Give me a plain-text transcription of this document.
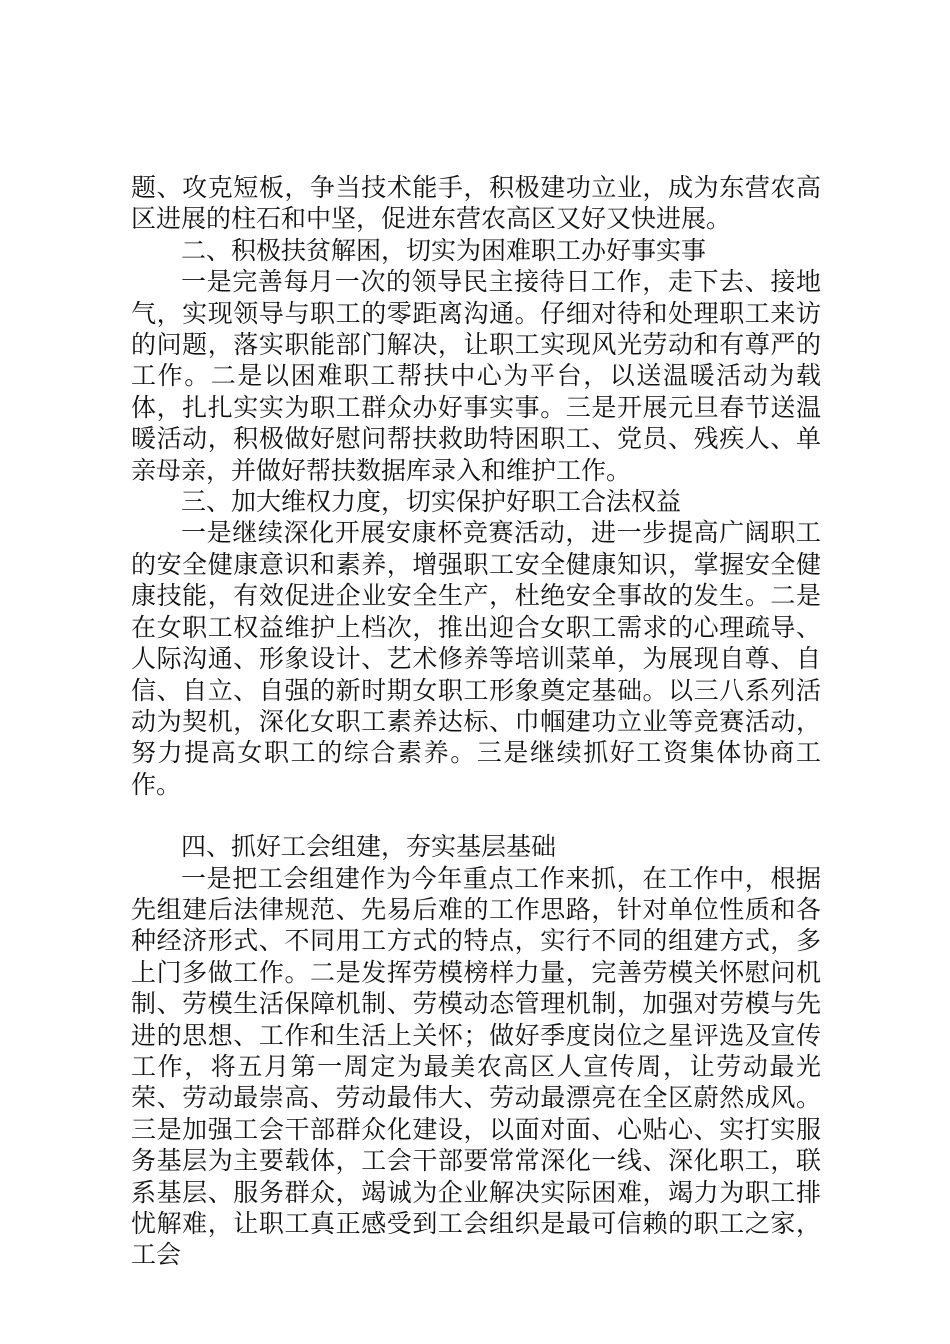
题、攻克短板，争当技术能手，积极建功立业，成为东营农高区进展的柱石和中坚，促进东营农高区又好又快进展。

二、积极扶贫解困，切实为困难职工办好事实事

一是完善每月一次的领导民主接待日工作，走下去、接地气，实现领导与职工的零距离沟通。仔细对待和处理职工来访的问题，落实职能部门解决，让职工实现风光劳动和有尊严的工作。二是以困难职工帮扶中心为平台，以送温暖活动为载体，扎扎实实为职工群众办好事实事。三是开展元旦春节送温暖活动，积极做好慰问帮扶救助特困职工、党员、残疾人、单亲母亲，并做好帮扶数据库录入和维护工作。

三、加大维权力度，切实保护好职工合法权益

一是继续深化开展安康杯竞赛活动，进一步提高广阔职工的安全健康意识和素养，增强职工安全健康知识，掌握安全健康技能，有效促进企业安全生产，杜绝安全事故的发生。二是在女职工权益维护上档次，推出迎合女职工需求的心理疏导、人际沟通、形象设计、艺术修养等培训菜单，为展现自尊、自信、自立、自强的新时期女职工形象奠定基础。以三八系列活动为契机，深化女职工素养达标、巾帼建功立业等竞赛活动，努力提高女职工的综合素养。三是继续抓好工资集体协商工作。

四、抓好工会组建，夯实基层基础

一是把工会组建作为今年重点工作来抓，在工作中，根据先组建后法律规范、先易后难的工作思路，针对单位性质和各种经济形式、不同用工方式的特点，实行不同的组建方式，多上门多做工作。二是发挥劳模榜样力量，完善劳模关怀慰问机制、劳模生活保障机制、劳模动态管理机制，加强对劳模与先进的思想、工作和生活上关怀；做好季度岗位之星评选及宣传工作，将五月第一周定为最美农高区人宣传周，让劳动最光荣、劳动最崇高、劳动最伟大、劳动最漂亮在全区蔚然成风。三是加强工会干部群众化建设，以面对面、心贴心、实打实服务基层为主要载体，工会干部要常常深化一线、深化职工，联系基层、服务群众，竭诚为企业解决实际困难，竭力为职工排忧解难，让职工真正感受到工会组织是最可信赖的职工之家，工会
